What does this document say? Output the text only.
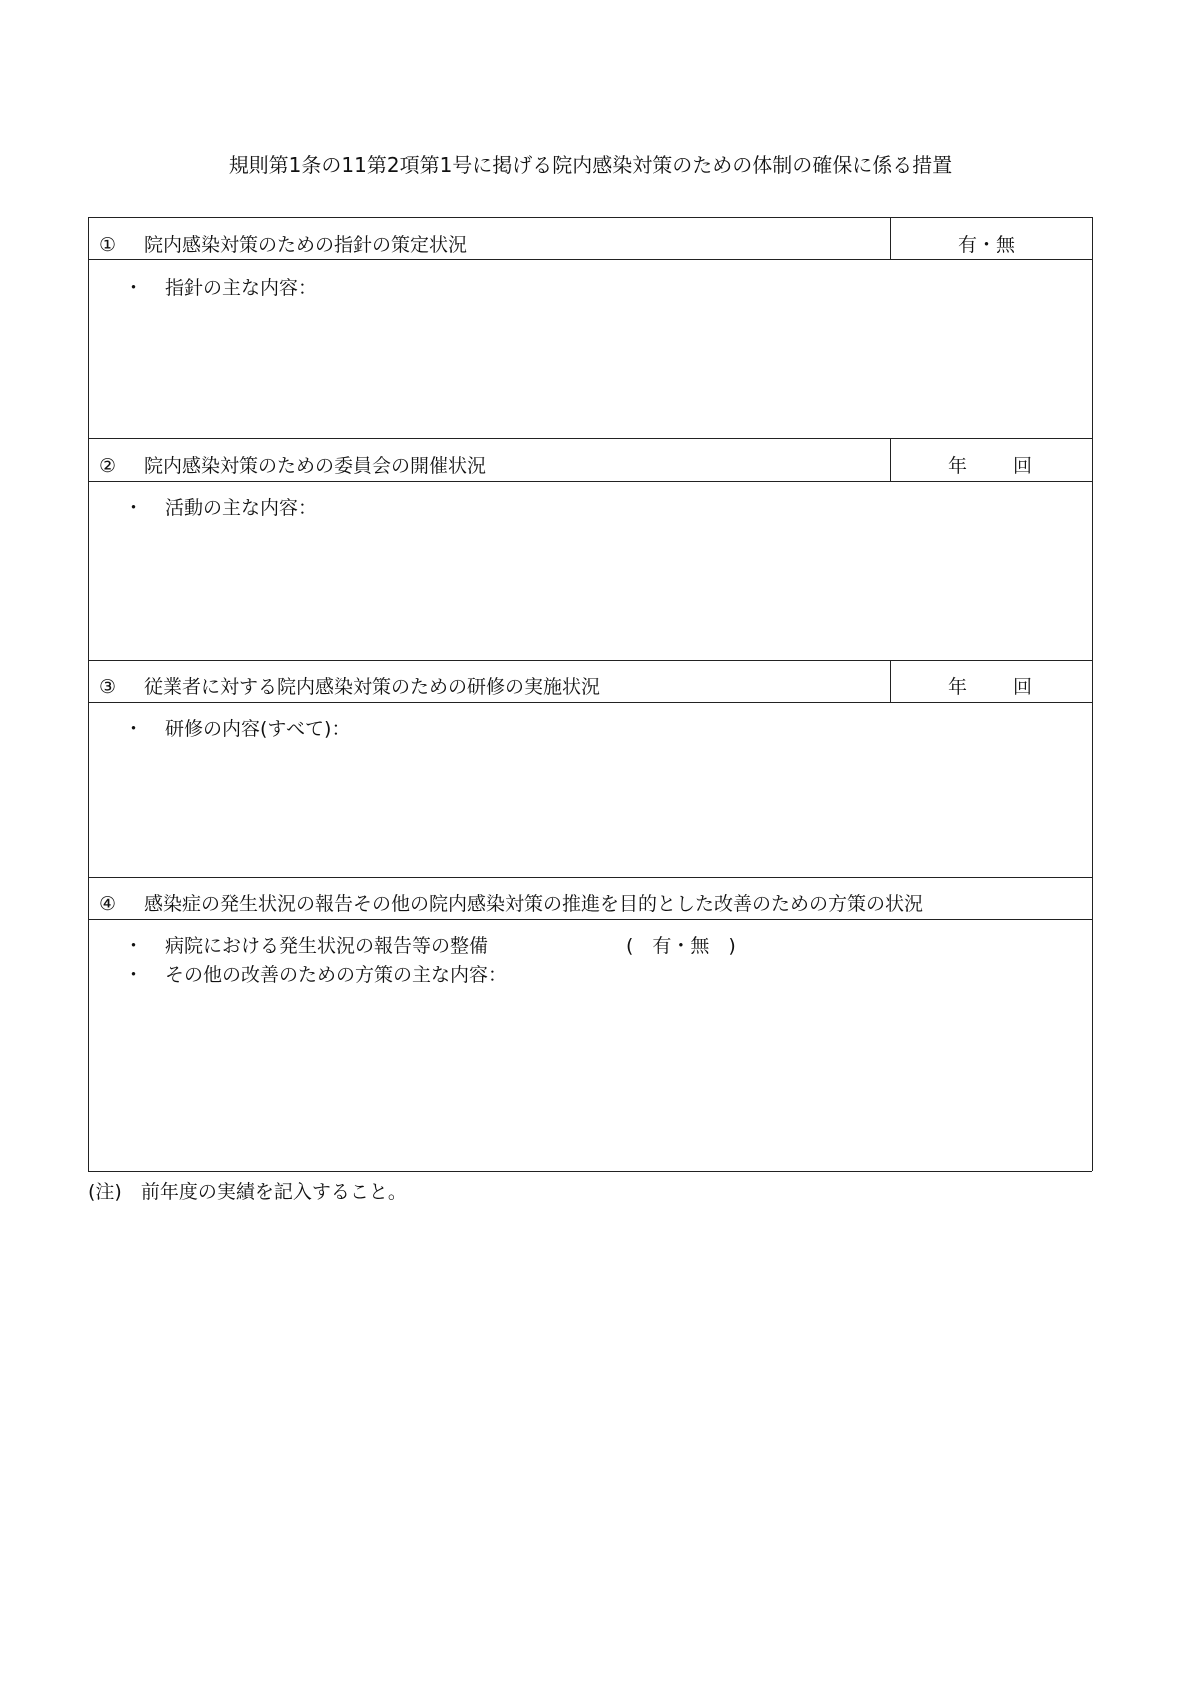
規則第1条の11第2項第1号に掲げる院内感染対策のための体制の確保に係る措置
① 院内感染対策のための指針の策定状況	有・無
・ 指針の主な内容：
② 院内感染対策のための委員会の開催状況	年 回
・ 活動の主な内容：
③ 従業者に対する院内感染対策のための研修の実施状況	年 回
・ 研修の内容(すべて)：
④ 感染症の発生状況の報告その他の院内感染対策の推進を目的とした改善のための方策の状況
・ 病院における発生状況の報告等の整備	(　有・無　)
・ その他の改善のための方策の主な内容：
(注)　前年度の実績を記入すること。
